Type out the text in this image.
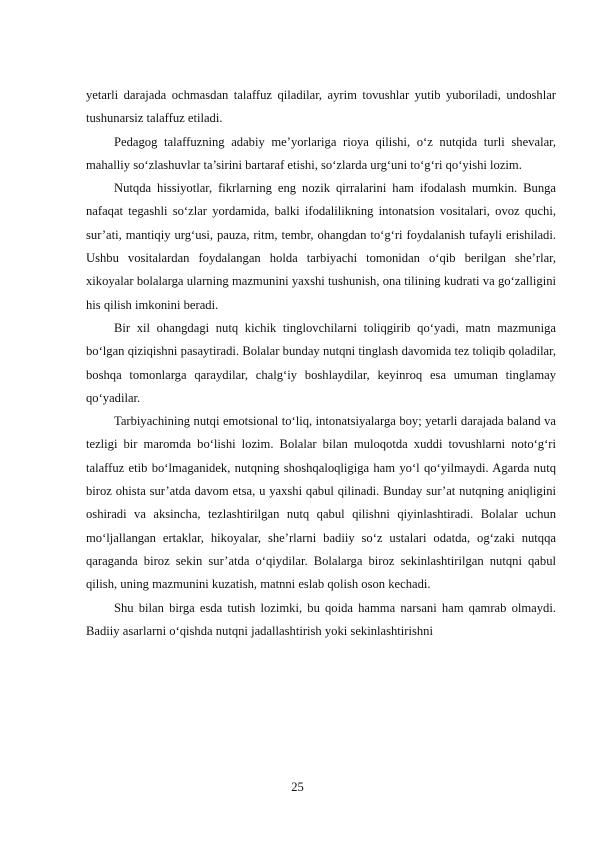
yetarli darajada ochmasdan talaffuz qiladilar, ayrim tovushlar yutib yuboriladi, undoshlar tushunarsiz talaffuz etiladi.

Pedagog talaffuzning adabiy me’yorlariga rioya qilishi, o‘z nutqida turli shevalar, mahalliy so‘zlashuvlar ta’sirini bartaraf etishi, so‘zlarda urg‘uni to‘g‘ri qo‘yishi lozim.

Nutqda hissiyotlar, fikrlarning eng nozik qirralarini ham ifodalash mumkin. Bunga nafaqat tegashli so‘zlar yordamida, balki ifodalilikning intonatsion vositalari, ovoz quchi, sur’ati, mantiqiy urg‘usi, pauza, ritm, tembr, ohangdan to‘g‘ri foydalanish tufayli erishiladi. Ushbu vositalardan foydalangan holda tarbiyachi tomonidan o‘qib berilgan she’rlar, xikoyalar bolalarga ularning mazmunini yaxshi tushunish, ona tilining kudrati va go‘zalligini his qilish imkonini beradi.

Bir xil ohangdagi nutq kichik tinglovchilarni toliqgirib qo‘yadi, matn mazmuniga bo‘lgan qiziqishni pasaytiradi. Bolalar bunday nutqni tinglash davomida tez toliqib qoladilar, boshqa tomonlarga qaraydilar, chalg‘iy boshlaydilar, keyinroq esa umuman tinglamay qo‘yadilar.

Tarbiyachining nutqi emotsional to‘liq, intonatsiyalarga boy; yetarli darajada baland va tezligi bir maromda bo‘lishi lozim. Bolalar bilan muloqotda xuddi tovushlarni noto‘g‘ri talaffuz etib bo‘lmaganidek, nutqning shoshqaloqligiga ham yo‘l qo‘yilmaydi. Agarda nutq biroz ohista sur’atda davom etsa, u yaxshi qabul qilinadi. Bunday sur’at nutqning aniqligini oshiradi va aksincha, tezlashtirilgan nutq qabul qilishni qiyinlashtiradi. Bolalar uchun mo‘ljallangan ertaklar, hikoyalar, she’rlarni badiiy so‘z ustalari odatda, og‘zaki nutqqa qaraganda biroz sekin sur’atda o‘qiydilar. Bolalarga biroz sekinlashtirilgan nutqni qabul qilish, uning mazmunini kuzatish, matnni eslab qolish oson kechadi.

Shu bilan birga esda tutish lozimki, bu qoida hamma narsani ham qamrab olmaydi. Badiiy asarlarni o‘qishda nutqni jadallashtirish yoki sekinlashtirishni

25
